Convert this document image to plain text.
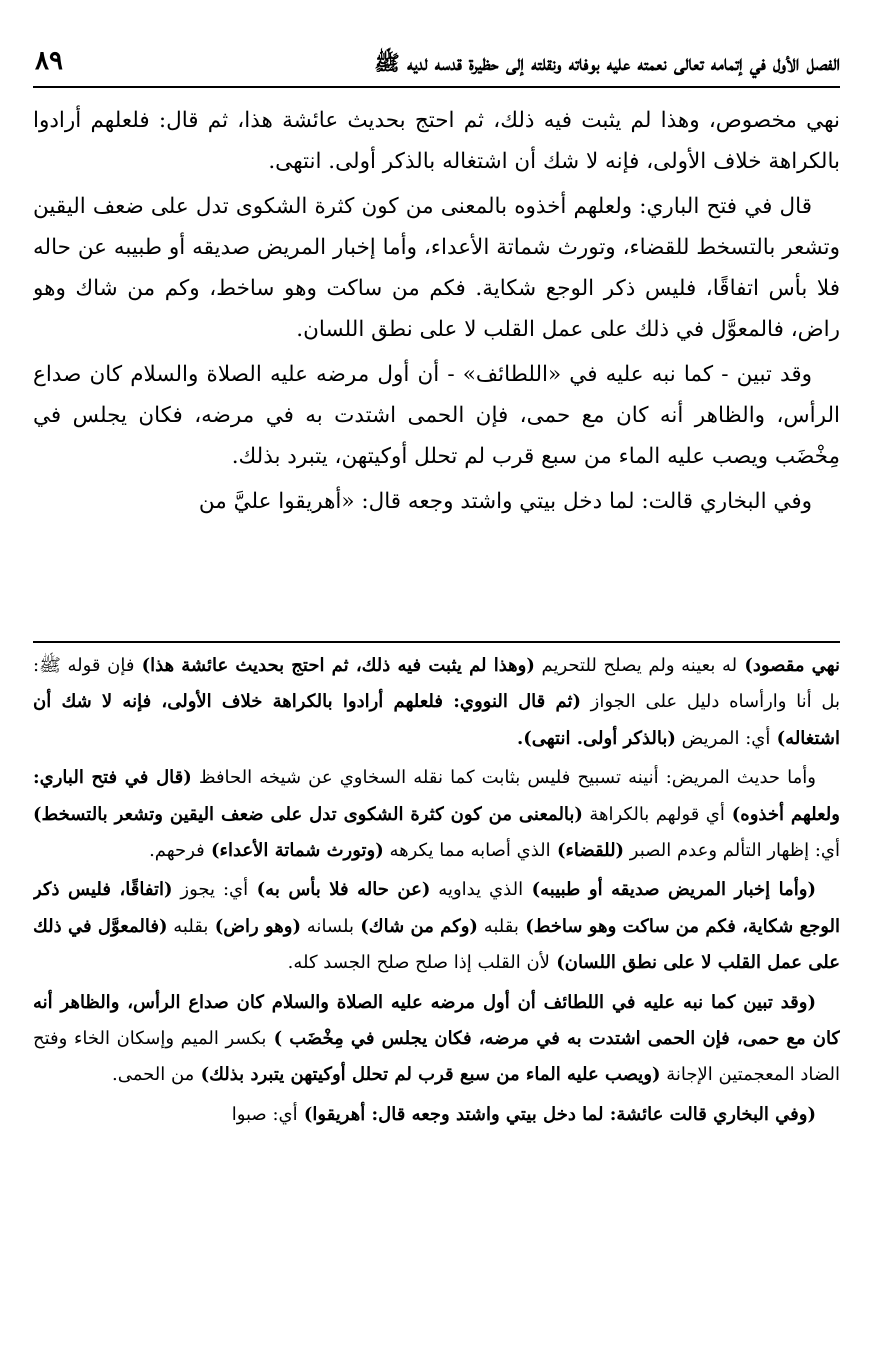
الفصل الأول في إتمامه تعالى نعمته عليه بوفاته ونقلته إلى حظيرة قدسه لديه ﷺ
٨٩

نهي مخصوص، وهذا لم يثبت فيه ذلك، ثم احتج بحديث عائشة هذا، ثم قال: فلعلهم أرادوا بالكراهة خلاف الأولى، فإنه لا شك أن اشتغاله بالذكر أولى. انتهى.

قال في فتح الباري: ولعلهم أخذوه بالمعنى من كون كثرة الشكوى تدل على ضعف اليقين وتشعر بالتسخط للقضاء، وتورث شماتة الأعداء، وأما إخبار المريض صديقه أو طبيبه عن حاله فلا بأس اتفاقًا، فليس ذكر الوجع شكاية. فكم من ساكت وهو ساخط، وكم من شاك وهو راض، فالمعوَّل في ذلك على عمل القلب لا على نطق اللسان.

وقد تبين - كما نبه عليه في «اللطائف» - أن أول مرضه عليه الصلاة والسلام كان صداع الرأس، والظاهر أنه كان مع حمى، فإن الحمى اشتدت به في مرضه، فكان يجلس في مِخْضَب ويصب عليه الماء من سبع قرب لم تحلل أوكيتهن، يتبرد بذلك.

وفي البخاري قالت: لما دخل بيتي واشتد وجعه قال: «أهريقوا عليَّ من

نهي مقصود) له بعينه ولم يصلح للتحريم (وهذا لم يثبت فيه ذلك، ثم احتج بحديث عائشة هذا) فإن قوله ﷺ: بل أنا وارأساه دليل على الجواز (ثم قال النووي: فلعلهم أرادوا بالكراهة خلاف الأولى، فإنه لا شك أن اشتغاله) أي: المريض (بالذكر أولى. انتهى).

وأما حديث المريض: أنينه تسبيح فليس بثابت كما نقله السخاوي عن شيخه الحافظ (قال في فتح الباري: ولعلهم أخذوه) أي قولهم بالكراهة (بالمعنى من كون كثرة الشكوى تدل على ضعف اليقين وتشعر بالتسخط) أي: إظهار التألم وعدم الصبر (للقضاء) الذي أصابه مما يكرهه (وتورث شماتة الأعداء) فرحهم.

(وأما إخبار المريض صديقه أو طبيبه) الذي يداويه (عن حاله فلا بأس به) أي: يجوز (اتفاقًا، فليس ذكر الوجع شكاية، فكم من ساكت وهو ساخط) بقلبه (وكم من شاك) بلسانه (وهو راض) بقلبه (فالمعوَّل في ذلك على عمل القلب لا على نطق اللسان) لأن القلب إذا صلح صلح الجسد كله.

(وقد تبين كما نبه عليه في اللطائف أن أول مرضه عليه الصلاة والسلام كان صداع الرأس، والظاهر أنه كان مع حمى، فإن الحمى اشتدت به في مرضه، فكان يجلس في مِخْضَب ) بكسر الميم وإسكان الخاء وفتح الضاد المعجمتين الإجانة (ويصب عليه الماء من سبع قرب لم تحلل أوكيتهن يتبرد بذلك) من الحمى.

(وفي البخاري قالت عائشة: لما دخل بيتي واشتد وجعه قال: أهريقوا) أي: صبوا
